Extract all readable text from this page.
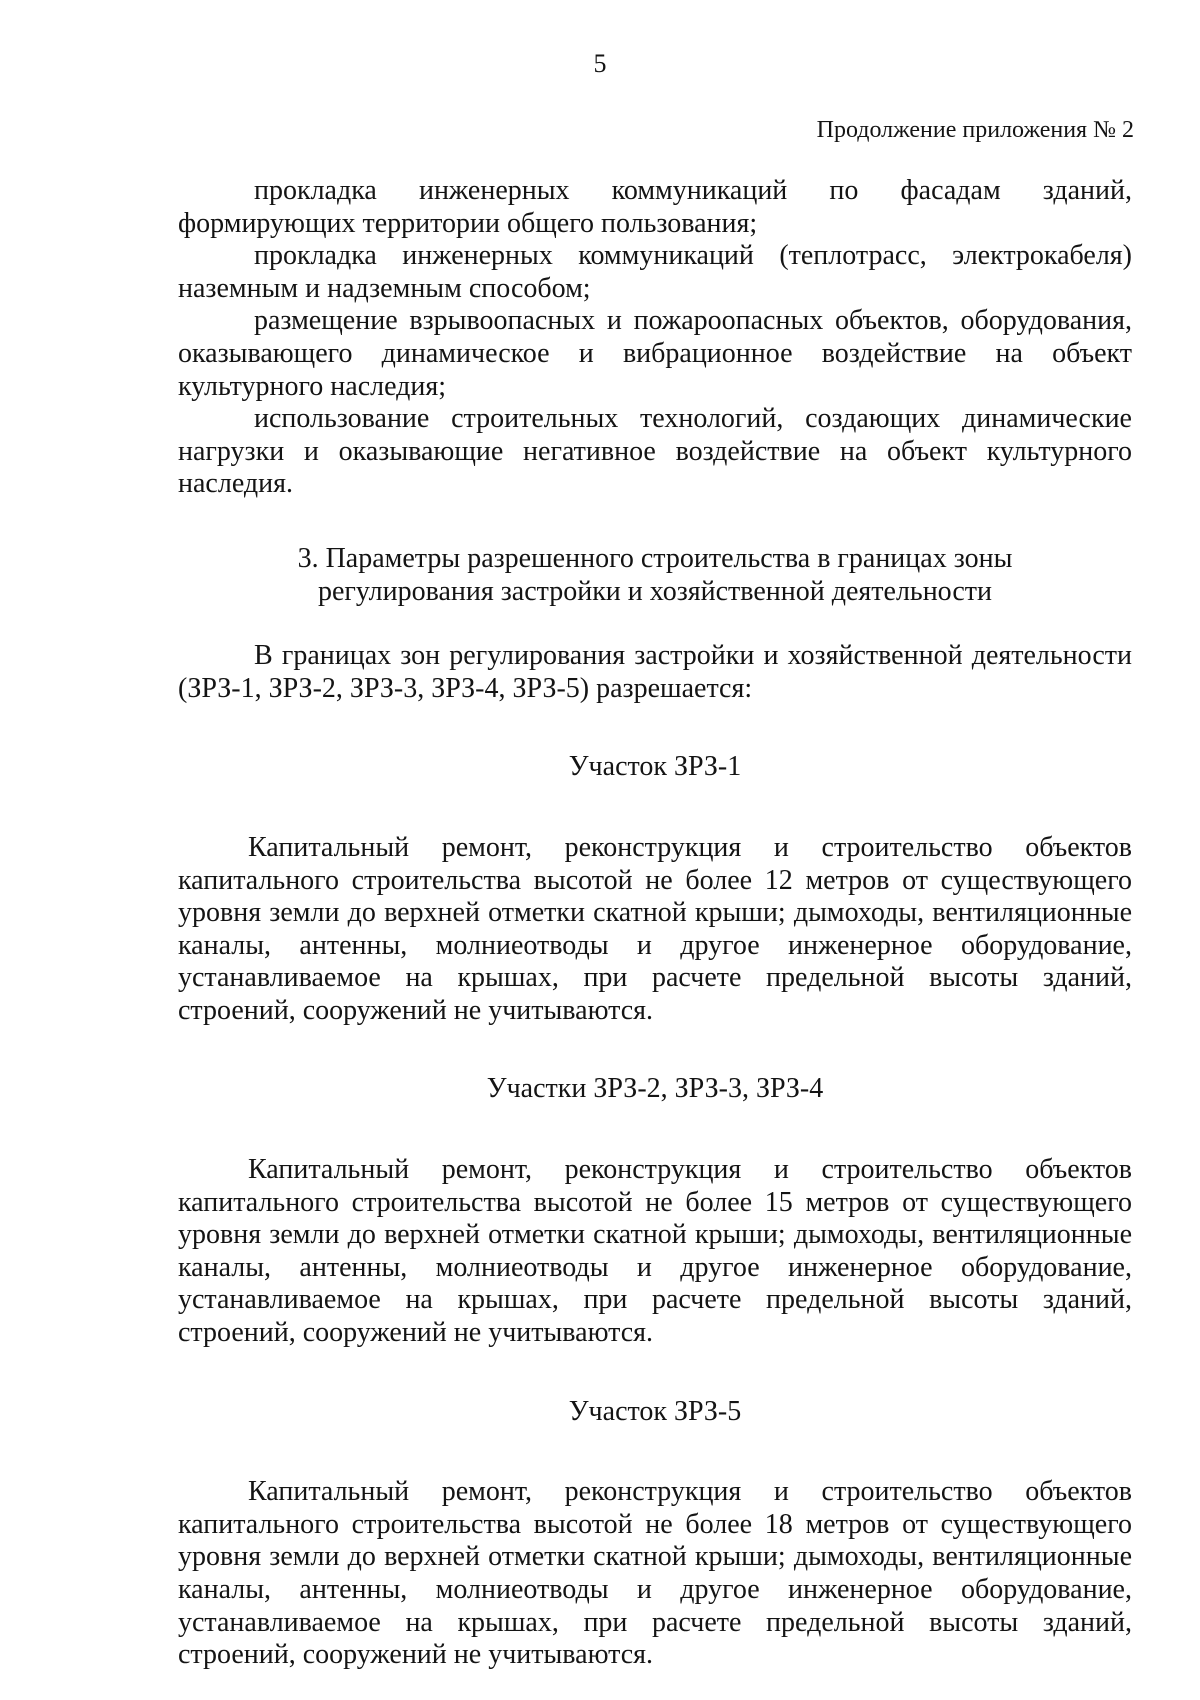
5
Продолжение приложения № 2

прокладка инженерных коммуникаций по фасадам зданий, формирующих территории общего пользования;

прокладка инженерных коммуникаций (теплотрасс, электрокабеля) наземным и надземным способом;

размещение взрывоопасных и пожароопасных объектов, оборудования, оказывающего динамическое и вибрационное воздействие на объект культурного наследия;

использование строительных технологий, создающих динамические нагрузки и оказывающие негативное воздействие на объект культурного наследия.

3. Параметры разрешенного строительства в границах зоны
регулирования застройки и хозяйственной деятельности

В границах зон регулирования застройки и хозяйственной деятельности (ЗРЗ-1, ЗРЗ-2, ЗРЗ-3, ЗРЗ-4, ЗРЗ-5) разрешается:

Участок ЗРЗ-1

Капитальный ремонт, реконструкция и строительство объектов капитального строительства высотой не более 12 метров от существующего уровня земли до верхней отметки скатной крыши; дымоходы, вентиляционные каналы, антенны, молниеотводы и другое инженерное оборудование, устанавливаемое на крышах, при расчете предельной высоты зданий, строений, сооружений не учитываются.

Участки ЗРЗ-2, ЗРЗ-3, ЗРЗ-4

Капитальный ремонт, реконструкция и строительство объектов капитального строительства высотой не более 15 метров от существующего уровня земли до верхней отметки скатной крыши; дымоходы, вентиляционные каналы, антенны, молниеотводы и другое инженерное оборудование, устанавливаемое на крышах, при расчете предельной высоты зданий, строений, сооружений не учитываются.

Участок ЗРЗ-5

Капитальный ремонт, реконструкция и строительство объектов капитального строительства высотой не более 18 метров от существующего уровня земли до верхней отметки скатной крыши; дымоходы, вентиляционные каналы, антенны, молниеотводы и другое инженерное оборудование, устанавливаемое на крышах, при расчете предельной высоты зданий, строений, сооружений не учитываются.
